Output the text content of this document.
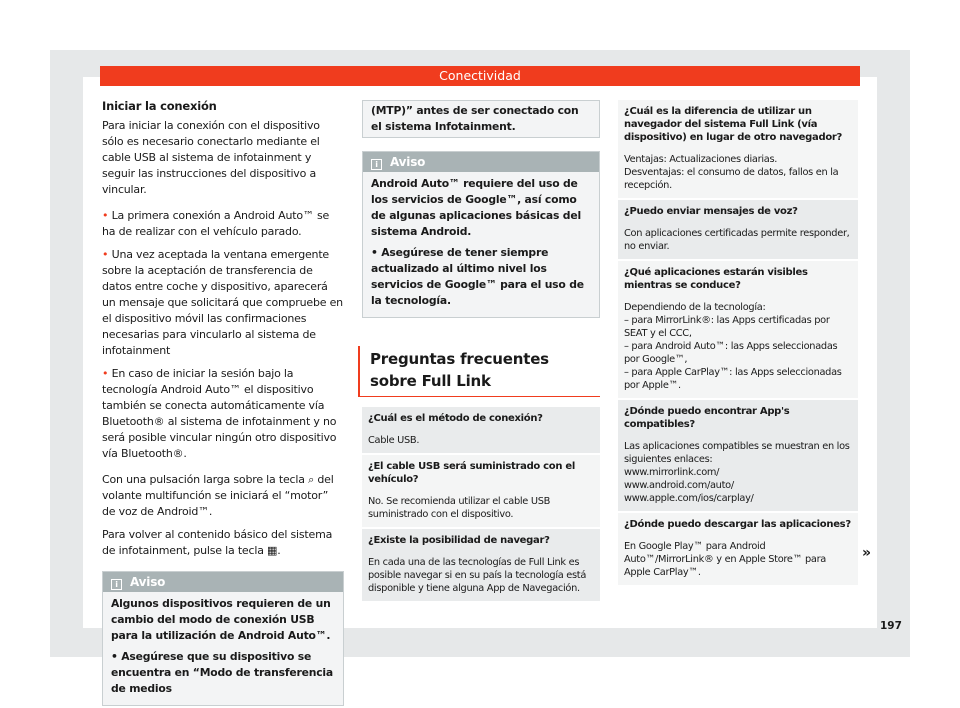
Conectividad
Iniciar la conexión

Para iniciar la conexión con el dispositivo sólo es necesario conectarlo mediante el cable USB al sistema de infotainment y seguir las instrucciones del dispositivo a vincular.

• La primera conexión a Android Auto™ se ha de realizar con el vehículo parado.

• Una vez aceptada la ventana emergente sobre la aceptación de transferencia de datos entre coche y dispositivo, aparecerá un mensaje que solicitará que compruebe en el dispositivo móvil las confirmaciones necesarias para vincularlo al sistema de infotainment

• En caso de iniciar la sesión bajo la tecnología Android Auto™ el dispositivo también se conecta automáticamente vía Bluetooth® al sistema de infotainment y no será posible vincular ningún otro dispositivo vía Bluetooth®.

Con una pulsación larga sobre la tecla ⌕ del volante multifunción se iniciará el “motor” de voz de Android™.

Para volver al contenido básico del sistema de infotainment, pulse la tecla ▦.

i Aviso

Algunos dispositivos requieren de un cambio del modo de conexión USB para la utilización de Android Auto™.

• Asegúrese que su dispositivo se encuentra en “Modo de transferencia de medios

(MTP)” antes de ser conectado con el sistema Infotainment.
i Aviso

Android Auto™ requiere del uso de los servicios de Google™, así como de algunas aplicaciones básicas del sistema Android.

• Asegúrese de tener siempre actualizado al último nivel los servicios de Google™ para el uso de la tecnología.

Preguntas frecuentes sobre Full Link
¿Cuál es el método de conexión?
Cable USB.
¿El cable USB será suministrado con el vehículo?
No. Se recomienda utilizar el cable USB suministrado con el dispositivo.
¿Existe la posibilidad de navegar?
En cada una de las tecnologías de Full Link es posible navegar si en su país la tecnología está disponible y tiene alguna App de Navegación.
¿Cuál es la diferencia de utilizar un navegador del sistema Full Link (vía dispositivo) en lugar de otro navegador?
Ventajas: Actualizaciones diarias.
Desventajas: el consumo de datos, fallos en la recepción.
¿Puedo enviar mensajes de voz?
Con aplicaciones certificadas permite responder, no enviar.
¿Qué aplicaciones estarán visibles mientras se conduce?
Dependiendo de la tecnología:
– para MirrorLink®: las Apps certificadas por SEAT y el CCC,
– para Android Auto™: las Apps seleccionadas por Google™,
– para Apple CarPlay™: las Apps seleccionadas por Apple™.
¿Dónde puedo encontrar App's compatibles?
Las aplicaciones compatibles se muestran en los siguientes enlaces:
www.mirrorlink.com/
www.android.com/auto/
www.apple.com/ios/carplay/
¿Dónde puedo descargar las aplicaciones?
En Google Play™ para Android Auto™/MirrorLink® y en Apple Store™ para Apple CarPlay™.
»
197
